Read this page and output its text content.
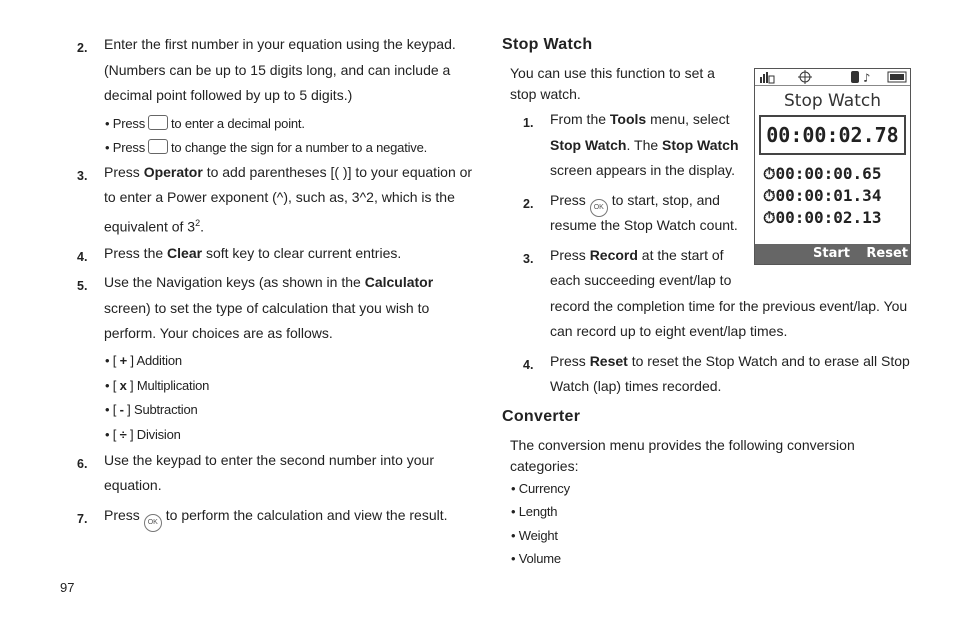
2. Enter the first number in your equation using the keypad.
(Numbers can be up to 15 digits long, and can include a
decimal point followed by up to 5 digits.)
• Press to enter a decimal point.
• Press to change the sign for a number to a negative.
3. Press Operator to add parentheses [( )] to your equation or
to enter a Power exponent (^), such as, 3^2, which is the
equivalent of $3^2$.
4. Press the Clear soft key to clear current entries.
5. Use the Navigation keys (as shown in the Calculator
screen) to set the type of calculation that you wish to
perform. Your choices are as follows.
• [ + ] Addition
• [ x ] Multiplication
• [ - ] Subtraction
• [ ÷ ] Division
6. Use the keypad to enter the second number into your
equation.
7. Press OK to perform the calculation and view the result.
Stop Watch
You can use this function to set a
stop watch.
1. From the Tools menu, select
Stop Watch. The Stop Watch
screen appears in the display.
2. Press OK to start, stop, and
resume the Stop Watch count.
3. Press Record at the start of
each succeeding event/lap to
record the completion time for the previous event/lap. You
can record up to eight event/lap times.
4. Press Reset to reset the Stop Watch and to erase all Stop
Watch (lap) times recorded.
Converter
The conversion menu provides the following conversion
categories:
• Currency
• Length
• Weight
• Volume
♪
Stop Watch
00:00:02.78
⏱00:00:00.65
⏱00:00:01.34
⏱00:00:02.13
Start Reset
97
